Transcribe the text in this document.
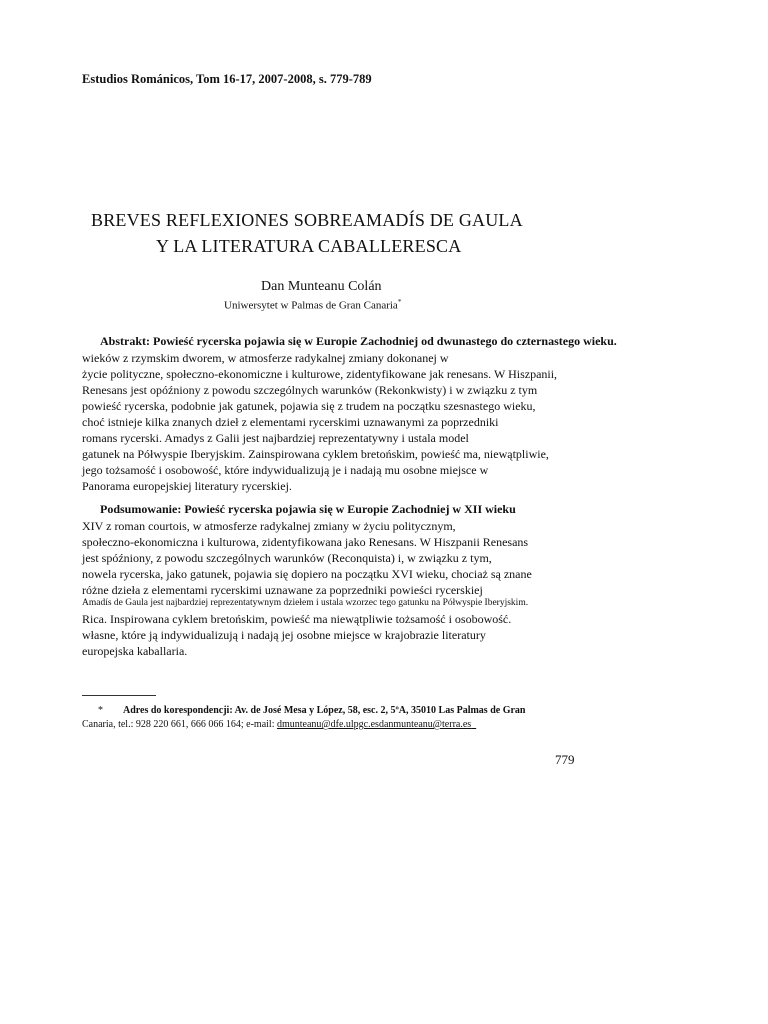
Estudios Románicos, Tom 16-17, 2007-2008, s. 779-789
BREVES REFLEXIONES SOBREAMADÍS DE GAULA
Y LA LITERATURA CABALLERESCA
Dan Munteanu Colán
Uniwersytet w Palmas de Gran Canaria*
Abstrakt: Powieść rycerska pojawia się w Europie Zachodniej od dwunastego do czternastego wieku.
wieków z rzymskim dworem, w atmosferze radykalnej zmiany dokonanej w
życie polityczne, społeczno-ekonomiczne i kulturowe, zidentyfikowane jak renesans. W Hiszpanii,
Renesans jest opóźniony z powodu szczególnych warunków (Rekonkwisty) i w związku z tym
powieść rycerska, podobnie jak gatunek, pojawia się z trudem na początku szesnastego wieku,
choć istnieje kilka znanych dzieł z elementami rycerskimi uznawanymi za poprzedniki
romans rycerski. Amadys z Galii jest najbardziej reprezentatywny i ustala model
gatunek na Półwyspie Iberyjskim. Zainspirowana cyklem bretońskim, powieść ma, niewątpliwie,
jego tożsamość i osobowość, które indywidualizują je i nadają mu osobne miejsce w
Panorama europejskiej literatury rycerskiej.
Podsumowanie: Powieść rycerska pojawia się w Europie Zachodniej w XII wieku
XIV z roman courtois, w atmosferze radykalnej zmiany w życiu politycznym,
społeczno-ekonomiczna i kulturowa, zidentyfikowana jako Renesans. W Hiszpanii Renesans
jest spóźniony, z powodu szczególnych warunków (Reconquista) i, w związku z tym,
nowela rycerska, jako gatunek, pojawia się dopiero na początku XVI wieku, chociaż są znane
różne dzieła z elementami rycerskimi uznawane za poprzedniki powieści rycerskiej
Amadís de Gaula jest najbardziej reprezentatywnym dziełem i ustala wzorzec tego gatunku na Półwyspie Iberyjskim.
Rica. Inspirowana cyklem bretońskim, powieść ma niewątpliwie tożsamość i osobowość.
własne, które ją indywidualizują i nadają jej osobne miejsce w krajobrazie literatury
europejska kaballaria.
* Adres do korespondencji: Av. de José Mesa y López, 58, esc. 2, 5ºA, 35010 Las Palmas de Gran
Canaria, tel.: 928 220 661, 666 066 164; e-mail: dmunteanu@dfe.ulpgc.esdanmunteanu@terra.es
779
